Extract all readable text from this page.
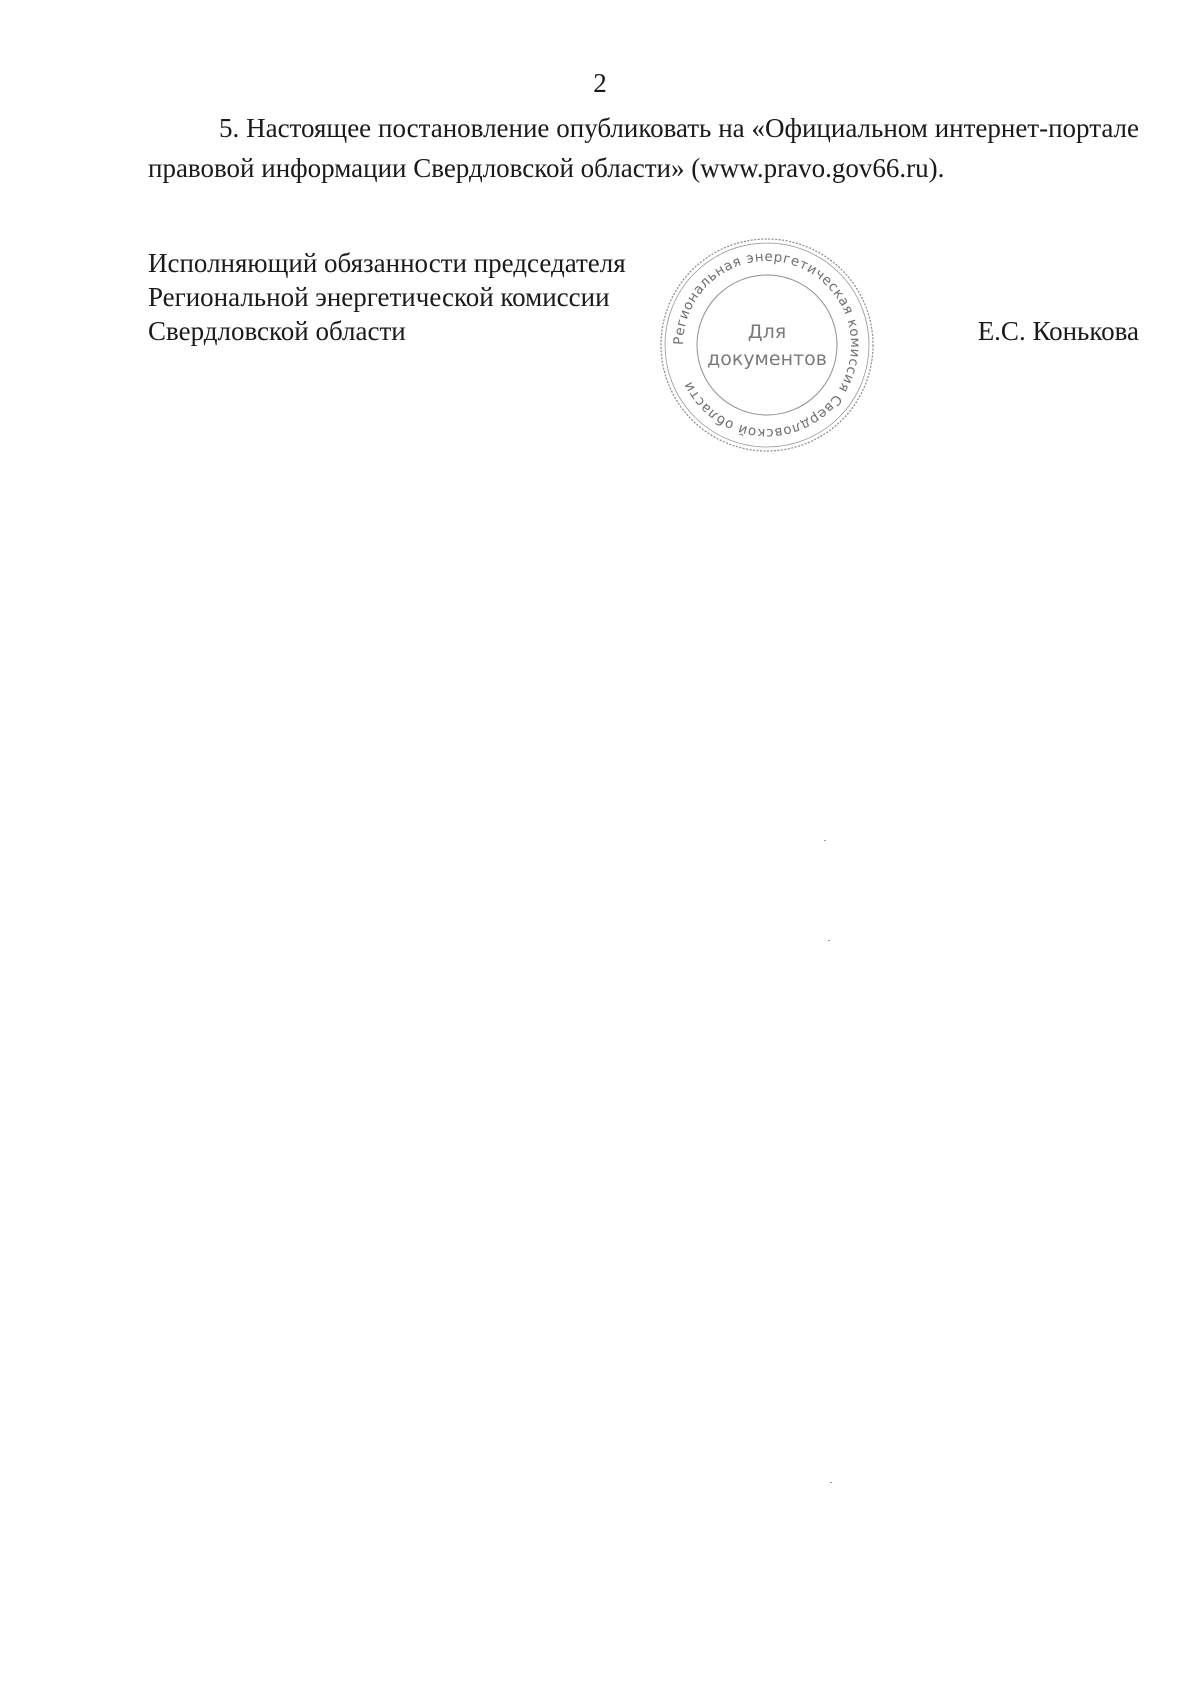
2

5. Настоящее постановление опубликовать на «Официальном интернет-портале правовой информации Свердловской области» (www.pravo.gov66.ru).

Исполняющий обязанности председателя
Региональной энергетической комиссии
Свердловской области	Региональная энергетическая комиссия Свердловской области
Для
документов
Е.С. Конькова
